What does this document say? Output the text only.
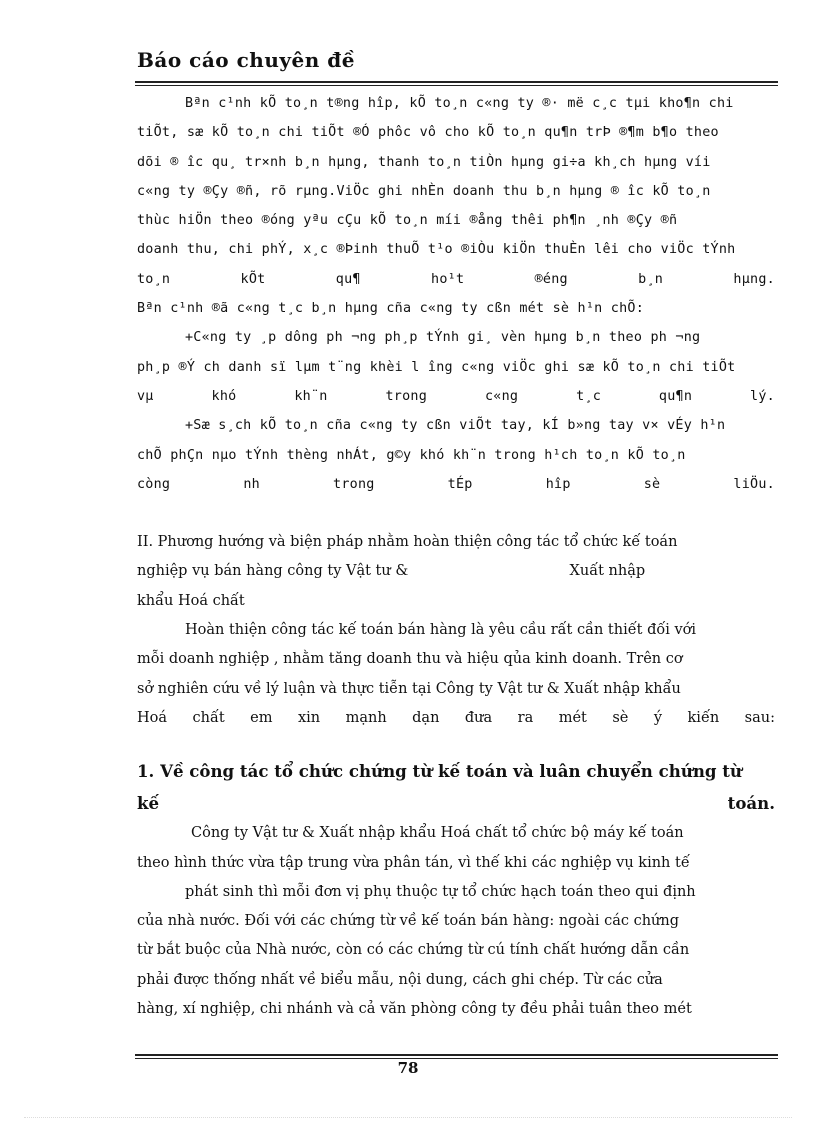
Báo cáo chuyên đề
Bªn c¹nh kÕ to¸n t®ng hîp, kÕ to¸n c«ng ty ®· më c¸c tµi kho¶n chi
tiÕt, sæ kÕ to¸n chi tiÕt ®Ó phôc vô cho kÕ to¸n qu¶n trÞ ®¶m b¶o theo
dõi ® îc qu¸ tr×nh b¸n hµng, thanh to¸n tiÒn hµng gi÷a kh¸ch hµng víi
c«ng ty ®Çy ®ñ, rõ rµng.ViÖc ghi nhÈn doanh thu b¸n hµng ® îc kÕ to¸n
thùc hiÖn theo ®óng yªu cÇu kÕ to¸n míi ®ång thêi ph¶n ¸nh ®Çy ®ñ
doanh thu, chi phÝ, x¸c ®Þinh thuÕ t¹o ®iÒu kiÖn thuÈn lêi cho viÖc tÝnh
to¸n kÕt qu¶ ho¹t ®éng b¸n hµng.
Bªn c¹nh ®ã c«ng t¸c b¸n hµng cña c«ng ty cßn mét sè h¹n chÕ:
+C«ng ty ¸p dông ph ¬ng ph¸p tÝnh gi¸ vèn hµng b¸n theo ph ¬ng
ph¸p ®Ý ch danh sï lµm t¨ng khèi l îng c«ng viÖc ghi sæ kÕ to¸n chi tiÕt
vµ khó kh¨n trong c«ng t¸c qu¶n lý.
+Sæ s¸ch kÕ to¸n cña c«ng ty cßn viÕt tay, kÍ b»ng tay v× vÉy h¹n
chÕ phÇn nµo tÝnh thèng nhÁt, g©y khó kh¨n trong h¹ch to¸n kÕ to¸n
còng nh trong tÉp hîp sè liÖu.
II. Phương hướng và biện pháp nhằm hoàn thiện công tác tổ chức kế toán
nghiệp vụ bán hàng công ty Vật tư &                                   Xuất nhập
khẩu Hoá chất
Hoàn thiện công tác kế toán bán hàng là yêu cầu rất cần thiết đối với
mỗi doanh nghiệp , nhằm tăng doanh thu và hiệu qủa kinh doanh. Trên cơ
sở nghiên cứu về lý luận và thực tiễn tại Công ty Vật tư & Xuất nhập khẩu
Hoá chất em xin mạnh dạn đưa ra mét sè ý kiến sau:
1. Về công tác tổ chức chứng từ kế toán và luân chuyển chứng từ
kế toán.
Công ty Vật tư & Xuất nhập khẩu Hoá chất tổ chức bộ máy kế toán
theo hình thức vừa tập trung vừa phân tán, vì thế khi các nghiệp vụ kinh tế
phát sinh thì mỗi đơn vị phụ thuộc tự tổ chức hạch toán theo qui định
của nhà nước. Đối với các chứng từ về kế toán bán hàng: ngoài các chứng
từ bắt buộc của Nhà nước, còn có các chứng từ cú tính chất hướng dẫn cần
phải được thống nhất về biểu mẫu, nội dung, cách ghi chép. Từ các cửa
hàng, xí nghiệp, chi nhánh và cả văn phòng công ty đều phải tuân theo mét
78
